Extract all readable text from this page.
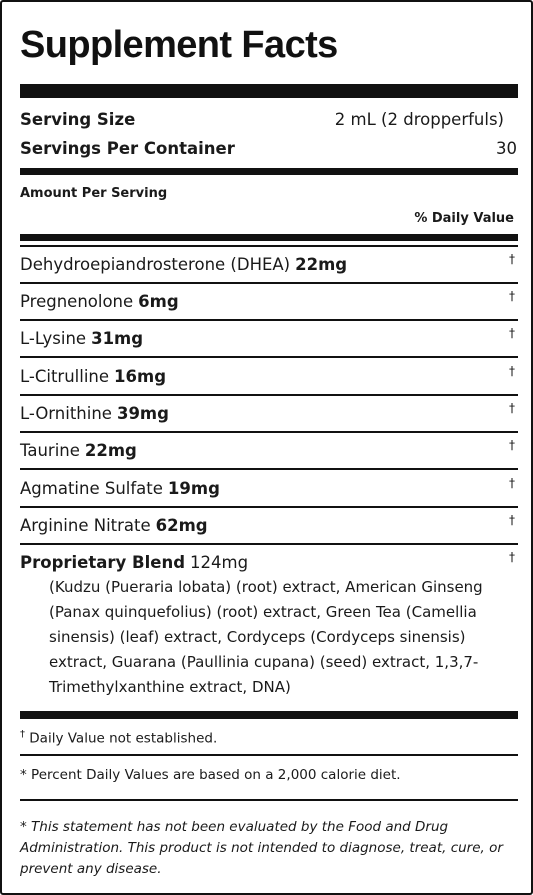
Supplement Facts
Serving Size	2 mL (2 dropperfuls)
Servings Per Container	30
Amount Per Serving
% Daily Value
Dehydroepiandrosterone (DHEA) 22mg	†
Pregnenolone 6mg	†
L-Lysine 31mg	†
L-Citrulline 16mg	†
L-Ornithine 39mg	†
Taurine 22mg	†
Agmatine Sulfate 19mg	†
Arginine Nitrate 62mg	†
Proprietary Blend 124mg	†
(Kudzu (Pueraria lobata) (root) extract, American Ginseng (Panax quinquefolius) (root) extract, Green Tea (Camellia sinensis) (leaf) extract, Cordyceps (Cordyceps sinensis) extract, Guarana (Paullinia cupana) (seed) extract, 1,3,7-Trimethylxanthine extract, DNA)
† Daily Value not established.
* Percent Daily Values are based on a 2,000 calorie diet.
* This statement has not been evaluated by the Food and Drug Administration. This product is not intended to diagnose, treat, cure, or prevent any disease.
